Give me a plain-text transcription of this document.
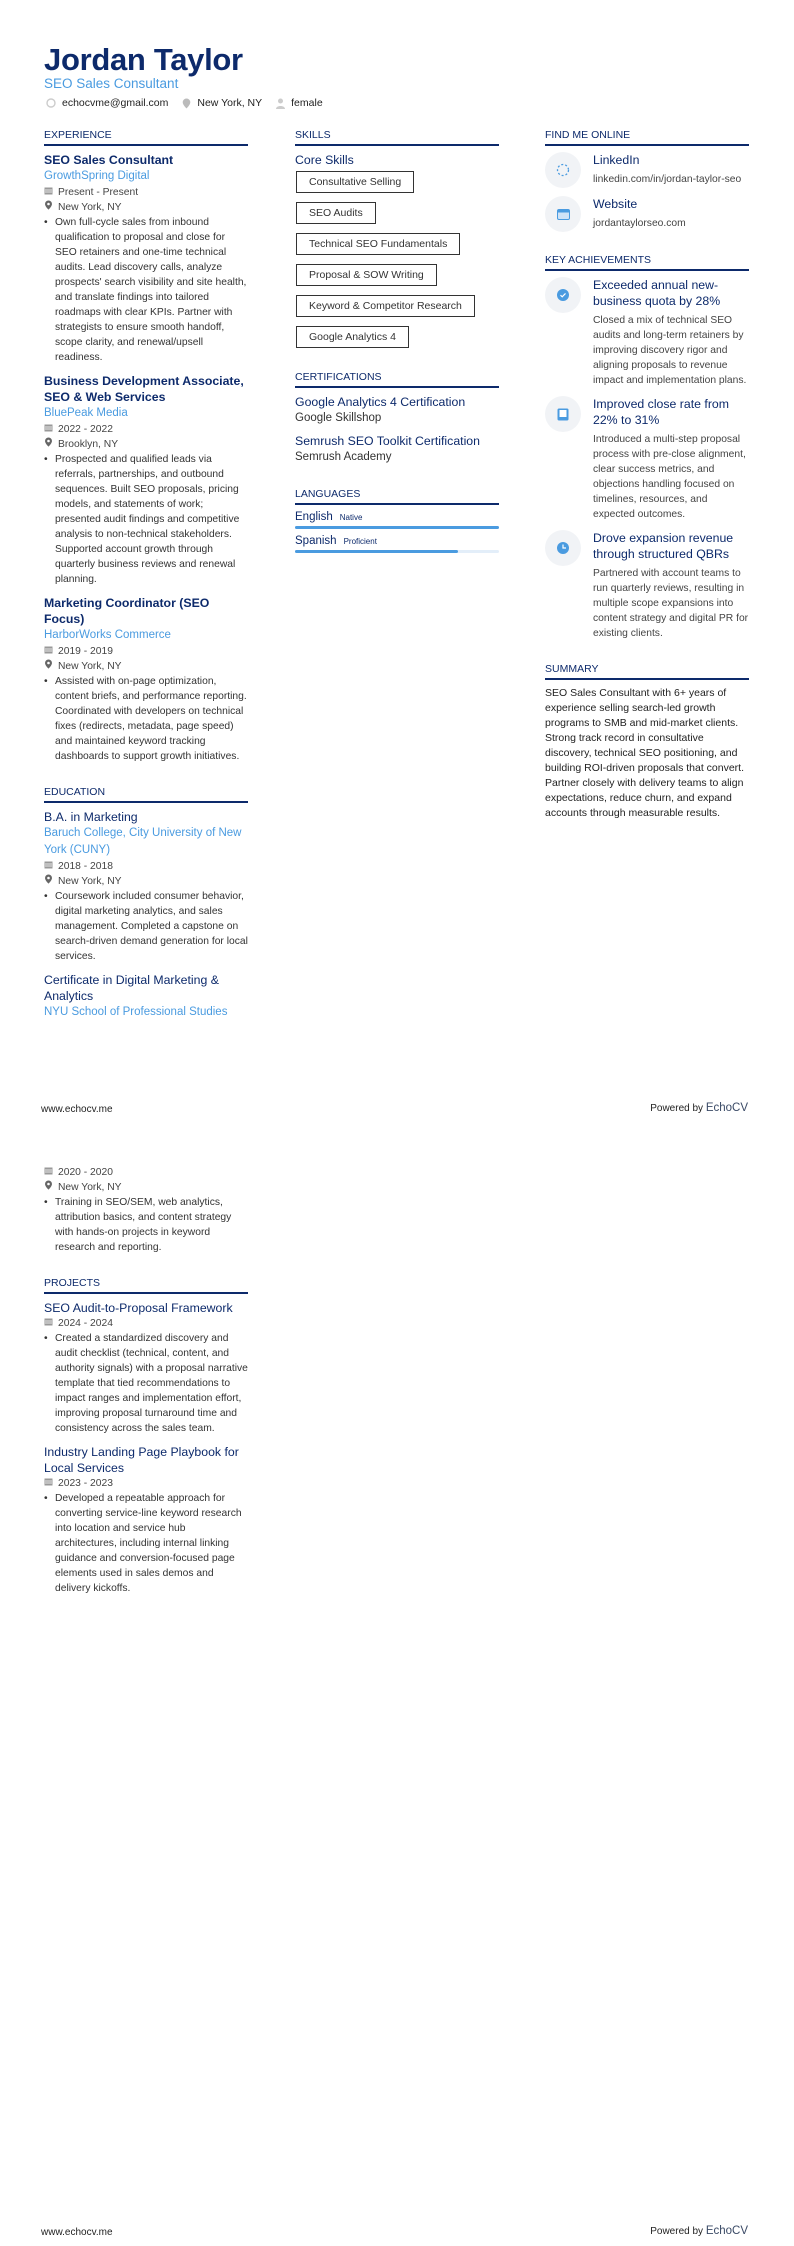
Jordan Taylor
SEO Sales Consultant
echocvme@gmail.com	New York, NY	female
EXPERIENCE
SEO Sales Consultant
GrowthSpring Digital
Present - Present
New York, NY
• Own full-cycle sales from inbound qualification to proposal and close for SEO retainers and one-time technical audits. Lead discovery calls, analyze prospects' search visibility and site health, and translate findings into tailored roadmaps with clear KPIs. Partner with strategists to ensure smooth handoff, scope clarity, and renewal/upsell readiness.
Business Development Associate, SEO & Web Services
BluePeak Media
2022 - 2022
Brooklyn, NY
• Prospected and qualified leads via referrals, partnerships, and outbound sequences. Built SEO proposals, pricing models, and statements of work; presented audit findings and competitive analysis to non-technical stakeholders. Supported account growth through quarterly business reviews and renewal planning.
Marketing Coordinator (SEO Focus)
HarborWorks Commerce
2019 - 2019
New York, NY
• Assisted with on-page optimization, content briefs, and performance reporting. Coordinated with developers on technical fixes (redirects, metadata, page speed) and maintained keyword tracking dashboards to support growth initiatives.
EDUCATION
B.A. in Marketing
Baruch College, City University of New York (CUNY)
2018 - 2018
New York, NY
• Coursework included consumer behavior, digital marketing analytics, and sales management. Completed a capstone on search-driven demand generation for local services.
Certificate in Digital Marketing & Analytics
NYU School of Professional Studies
SKILLS
Core Skills
Consultative Selling
SEO Audits
Technical SEO Fundamentals
Proposal & SOW Writing
Keyword & Competitor Research
Google Analytics 4
CERTIFICATIONS
Google Analytics 4 Certification
Google Skillshop
Semrush SEO Toolkit Certification
Semrush Academy
LANGUAGES
English Native
Spanish Proficient
FIND ME ONLINE
LinkedIn
linkedin.com/in/jordan-taylor-seo
Website
jordantaylorseo.com
KEY ACHIEVEMENTS
Exceeded annual new-business quota by 28%
Closed a mix of technical SEO audits and long-term retainers by improving discovery rigor and aligning proposals to revenue impact and implementation plans.
Improved close rate from 22% to 31%
Introduced a multi-step proposal process with pre-close alignment, clear success metrics, and objections handling focused on timelines, resources, and expected outcomes.
Drove expansion revenue through structured QBRs
Partnered with account teams to run quarterly reviews, resulting in multiple scope expansions into content strategy and digital PR for existing clients.
SUMMARY
SEO Sales Consultant with 6+ years of experience selling search-led growth programs to SMB and mid-market clients. Strong track record in consultative discovery, technical SEO positioning, and building ROI-driven proposals that convert. Partner closely with delivery teams to align expectations, reduce churn, and expand accounts through measurable results.
2020 - 2020
New York, NY
• Training in SEO/SEM, web analytics, attribution basics, and content strategy with hands-on projects in keyword research and reporting.
PROJECTS
SEO Audit-to-Proposal Framework
2024 - 2024
• Created a standardized discovery and audit checklist (technical, content, and authority signals) with a proposal narrative template that tied recommendations to impact ranges and implementation effort, improving proposal turnaround time and consistency across the sales team.
Industry Landing Page Playbook for Local Services
2023 - 2023
• Developed a repeatable approach for converting service-line keyword research into location and service hub architectures, including internal linking guidance and conversion-focused page elements used in sales demos and delivery kickoffs.
www.echocv.me	Powered by EchoCV
www.echocv.me	Powered by EchoCV
